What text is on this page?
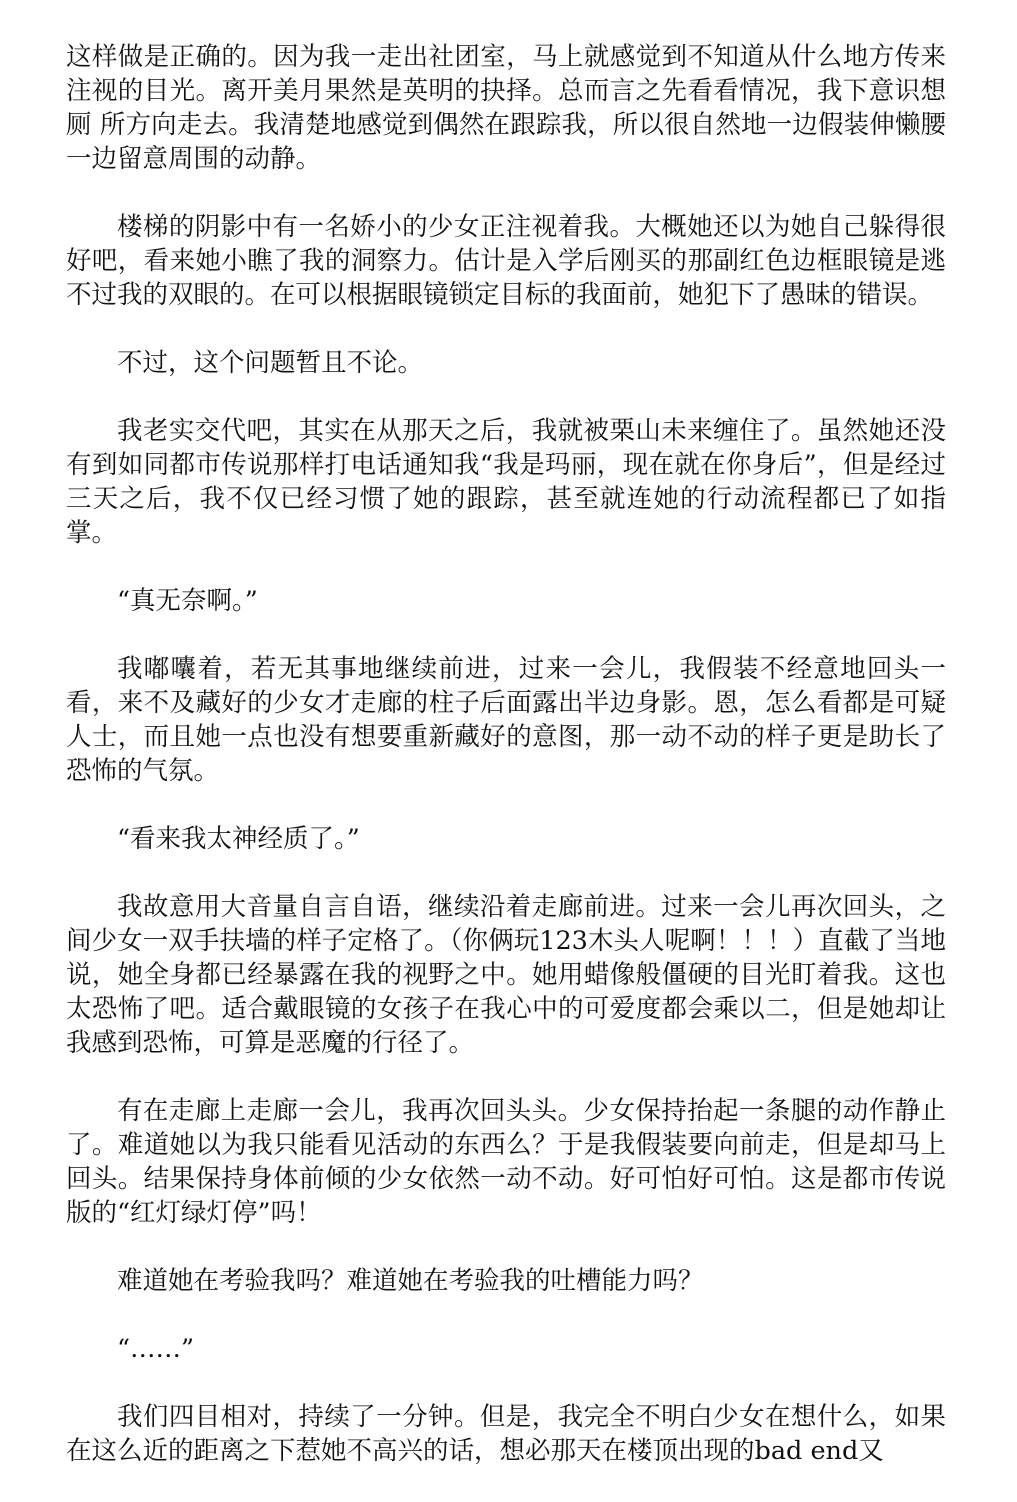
这样做是正确的。因为我一走出社团室，马上就感觉到不知道从什么地方传来注视的目光。离开美月果然是英明的抉择。总而言之先看看情况，我下意识想厕 所方向走去。我清楚地感觉到偶然在跟踪我，所以很自然地一边假装伸懒腰一边留意周围的动静。

楼梯的阴影中有一名娇小的少女正注视着我。大概她还以为她自己躲得很好吧，看来她小瞧了我的洞察力。估计是入学后刚买的那副红色边框眼镜是逃不过我的双眼的。在可以根据眼镜锁定目标的我面前，她犯下了愚昧的错误。

不过，这个问题暂且不论。

我老实交代吧，其实在从那天之后，我就被栗山未来缠住了。虽然她还没有到如同都市传说那样打电话通知我“我是玛丽，现在就在你身后”，但是经过三天之后，我不仅已经习惯了她的跟踪，甚至就连她的行动流程都已了如指掌。

“真无奈啊。”

我嘟囔着，若无其事地继续前进，过来一会儿，我假装不经意地回头一看，来不及藏好的少女才走廊的柱子后面露出半边身影。恩，怎么看都是可疑人士，而且她一点也没有想要重新藏好的意图，那一动不动的样子更是助长了恐怖的气氛。

“看来我太神经质了。”

我故意用大音量自言自语，继续沿着走廊前进。过来一会儿再次回头，之间少女一双手扶墙的样子定格了。（你俩玩123木头人呢啊！！！）直截了当地说，她全身都已经暴露在我的视野之中。她用蜡像般僵硬的目光盯着我。这也太恐怖了吧。适合戴眼镜的女孩子在我心中的可爱度都会乘以二，但是她却让我感到恐怖，可算是恶魔的行径了。

有在走廊上走廊一会儿，我再次回头头。少女保持抬起一条腿的动作静止了。难道她以为我只能看见活动的东西么？于是我假装要向前走，但是却马上回头。结果保持身体前倾的少女依然一动不动。好可怕好可怕。这是都市传说版的“红灯绿灯停”吗！

难道她在考验我吗？难道她在考验我的吐槽能力吗？

“……”

我们四目相对，持续了一分钟。但是，我完全不明白少女在想什么，如果在这么近的距离之下惹她不高兴的话，想必那天在楼顶出现的bad end又
